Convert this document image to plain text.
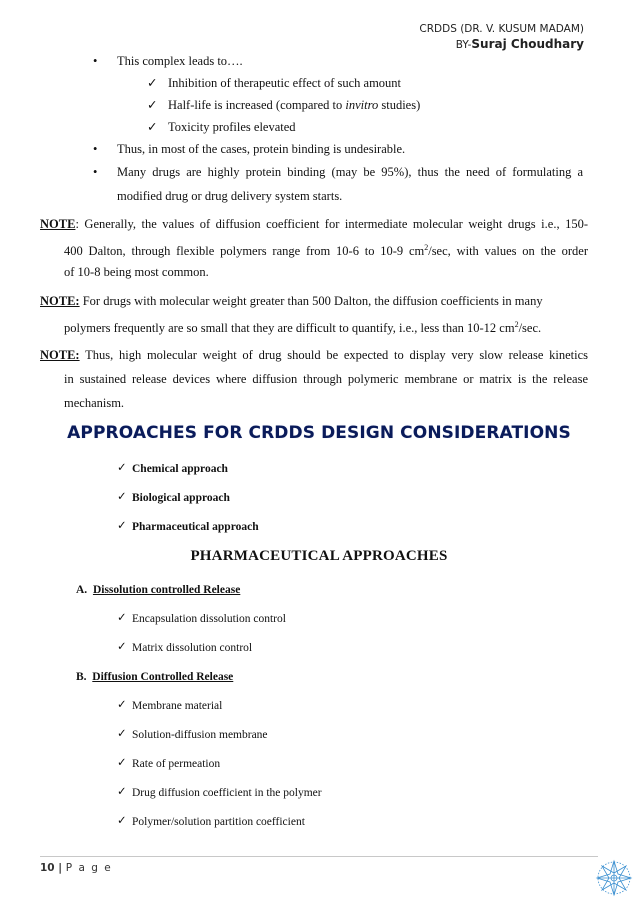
CRDDS (DR. V. KUSUM MADAM)
BY-Suraj Choudhary
• This complex leads to….
✓ Inhibition of therapeutic effect of such amount
✓ Half-life is increased (compared to invitro studies)
✓ Toxicity profiles elevated
• Thus, in most of the cases, protein binding is undesirable.
• Many drugs are highly protein binding (may be 95%), thus the need of formulating a
modified drug or drug delivery system starts.
NOTE: Generally, the values of diffusion coefficient for intermediate molecular weight drugs i.e., 150-
400 Dalton, through flexible polymers range from 10-6 to 10-9 $cm^2/\sec$, with values on the order
of 10-8 being most common.
NOTE: For drugs with molecular weight greater than 500 Dalton, the diffusion coefficients in many
polymers frequently are so small that they are difficult to quantify, i.e., less than 10-12 $cm^2/\sec$.
NOTE: Thus, high molecular weight of drug should be expected to display very slow release kinetics
in sustained release devices where diffusion through polymeric membrane or matrix is the release
mechanism.
APPROACHES FOR CRDDS DESIGN CONSIDERATIONS
✓ Chemical approach
✓ Biological approach
✓ Pharmaceutical approach
PHARMACEUTICAL APPROACHES
A. Dissolution controlled Release
✓ Encapsulation dissolution control
✓ Matrix dissolution control
B. Diffusion Controlled Release
✓ Membrane material
✓ Solution-diffusion membrane
✓ Rate of permeation
✓ Drug diffusion coefficient in the polymer
✓ Polymer/solution partition coefficient
10 | P a g e
